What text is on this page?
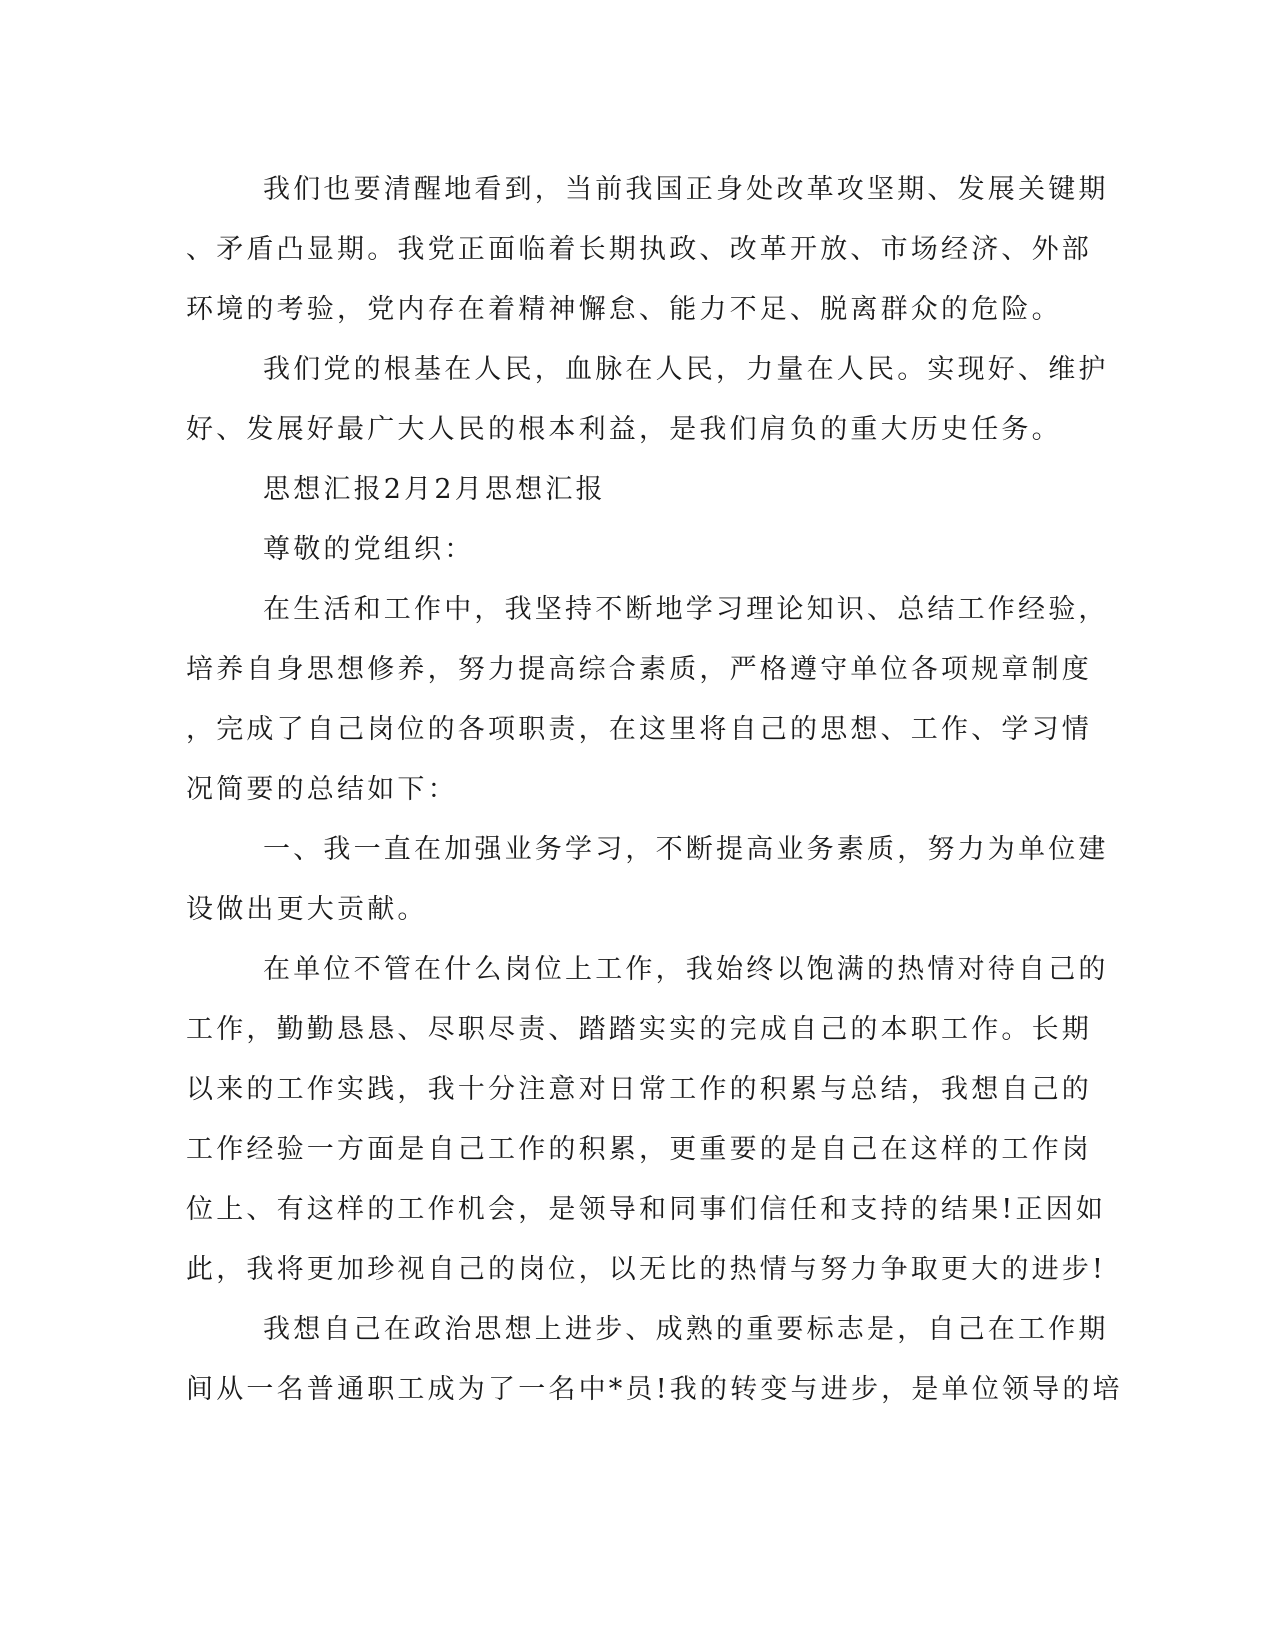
我们也要清醒地看到，当前我国正身处改革攻坚期、发展关键期
、矛盾凸显期。我党正面临着长期执政、改革开放、市场经济、外部
环境的考验，党内存在着精神懈怠、能力不足、脱离群众的危险。
我们党的根基在人民，血脉在人民，力量在人民。实现好、维护
好、发展好最广大人民的根本利益，是我们肩负的重大历史任务。
思想汇报2月2月思想汇报
尊敬的党组织：
在生活和工作中，我坚持不断地学习理论知识、总结工作经验，
培养自身思想修养，努力提高综合素质，严格遵守单位各项规章制度
，完成了自己岗位的各项职责，在这里将自己的思想、工作、学习情
况简要的总结如下：
一、我一直在加强业务学习，不断提高业务素质，努力为单位建
设做出更大贡献。
在单位不管在什么岗位上工作，我始终以饱满的热情对待自己的
工作，勤勤恳恳、尽职尽责、踏踏实实的完成自己的本职工作。长期
以来的工作实践，我十分注意对日常工作的积累与总结，我想自己的
工作经验一方面是自己工作的积累，更重要的是自己在这样的工作岗
位上、有这样的工作机会，是领导和同事们信任和支持的结果!正因如
此，我将更加珍视自己的岗位，以无比的热情与努力争取更大的进步!
我想自己在政治思想上进步、成熟的重要标志是，自己在工作期
间从一名普通职工成为了一名中*员!我的转变与进步，是单位领导的培
